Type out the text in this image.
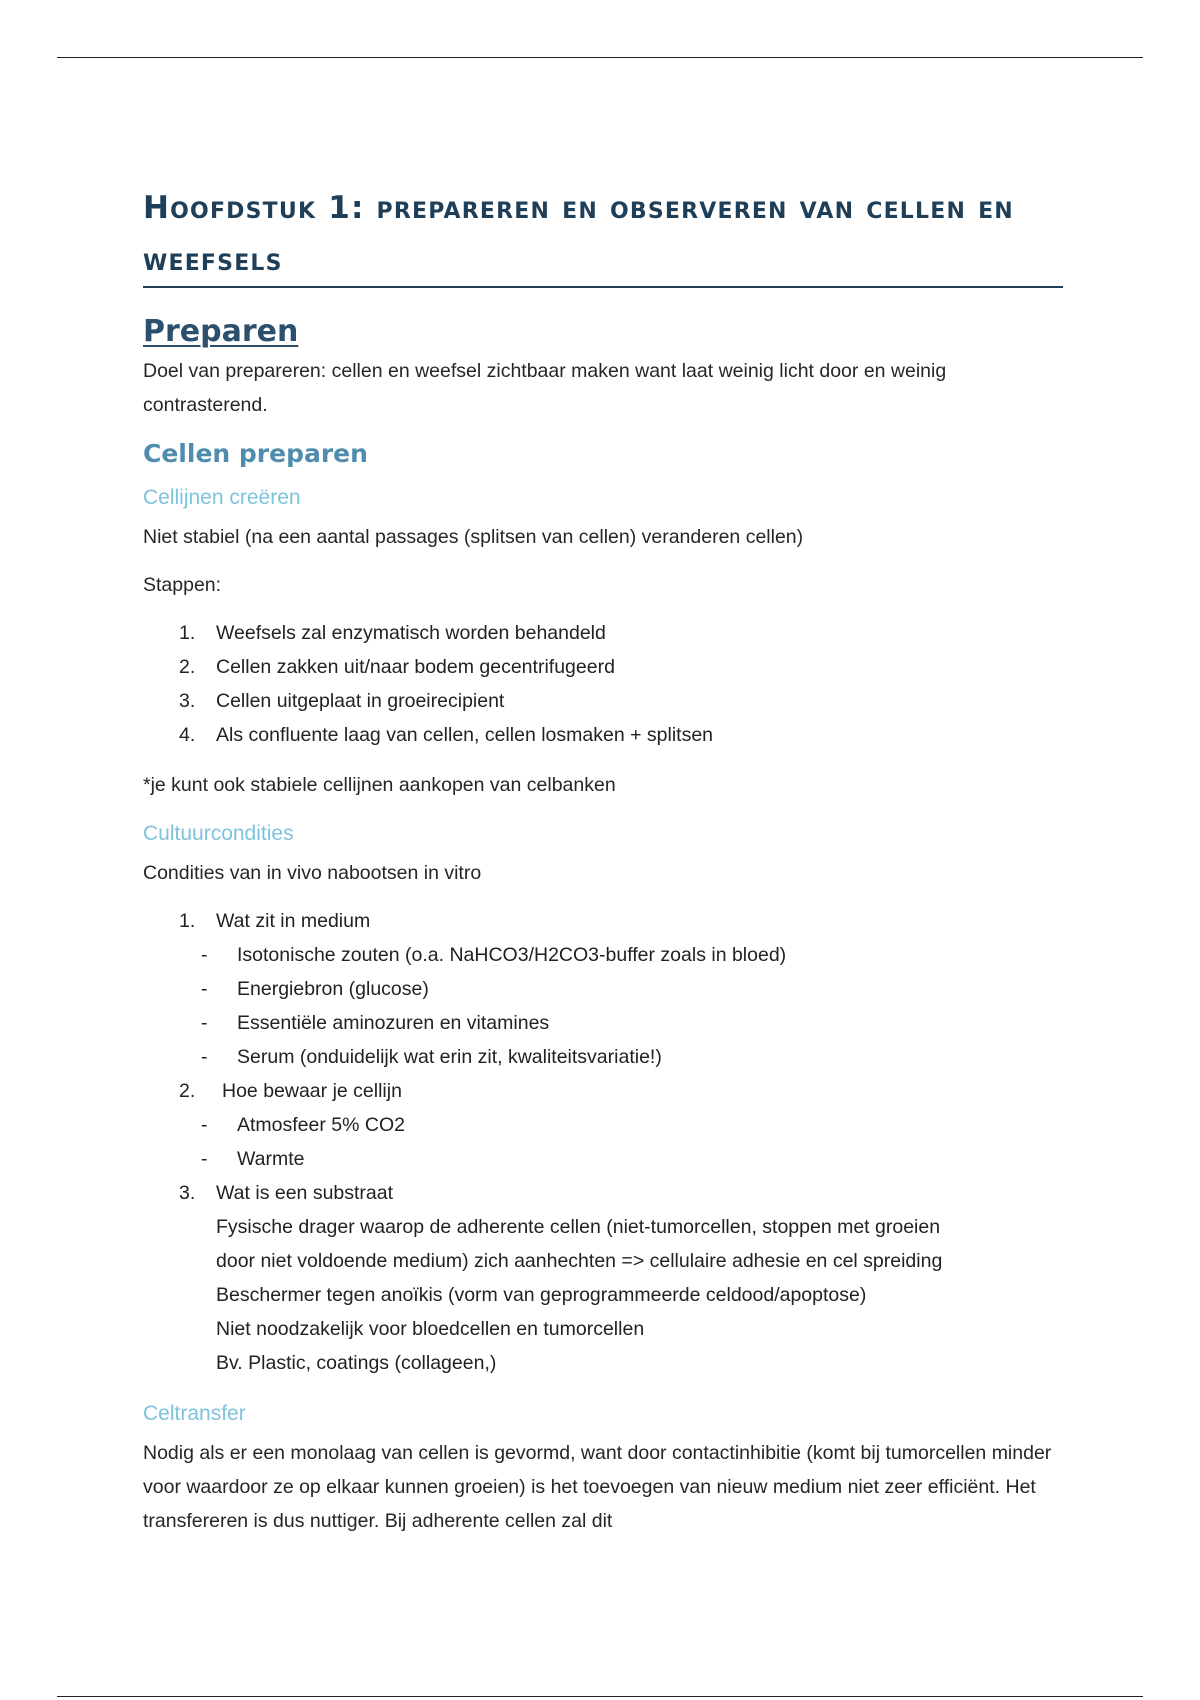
Hoofdstuk 1: prepareren en observeren van cellen en weefsels
Preparen

Doel van prepareren: cellen en weefsel zichtbaar maken want laat weinig licht door en weinig contrasterend.

Cellen preparen
Cellijnen creëren

Niet stabiel (na een aantal passages (splitsen van cellen) veranderen cellen)

Stappen:

1. Weefsels zal enzymatisch worden behandeld
2. Cellen zakken uit/naar bodem gecentrifugeerd
3. Cellen uitgeplaat in groeirecipient
4. Als confluente laag van cellen, cellen losmaken + splitsen

*je kunt ook stabiele cellijnen aankopen van celbanken

Cultuurcondities

Condities van in vivo nabootsen in vitro

1. Wat zit in medium
- Isotonische zouten (o.a. NaHCO3/H2CO3-buffer zoals in bloed)
- Energiebron (glucose)
- Essentiële aminozuren en vitamines
- Serum (onduidelijk wat erin zit, kwaliteitsvariatie!)
2. Hoe bewaar je cellijn
- Atmosfeer 5% CO2
- Warmte
3. Wat is een substraat
Fysische drager waarop de adherente cellen (niet-tumorcellen, stoppen met groeien
door niet voldoende medium) zich aanhechten => cellulaire adhesie en cel spreiding
Beschermer tegen anoïkis (vorm van geprogrammeerde celdood/apoptose)
Niet noodzakelijk voor bloedcellen en tumorcellen
Bv. Plastic, coatings (collageen,)
Celtransfer

Nodig als er een monolaag van cellen is gevormd, want door contactinhibitie (komt bij tumorcellen minder voor waardoor ze op elkaar kunnen groeien) is het toevoegen van nieuw medium niet zeer efficiënt. Het transfereren is dus nuttiger. Bij adherente cellen zal dit
